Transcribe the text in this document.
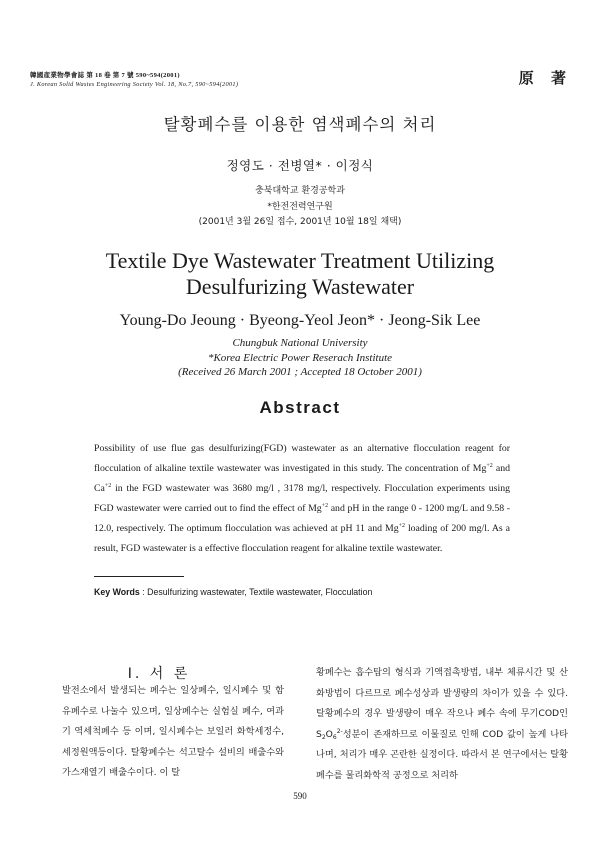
韓國産業物學會誌 第 18 卷 第 7 號 590~594(2001)
J. Korean Solid Wastes Engineering Society Vol. 18, No.7, 590~594(2001)	原 著
탈황폐수를 이용한 염색폐수의 처리
정영도 · 전병열* · 이정식
충북대학교 환경공학과
*한전전력연구원
(2001년 3월 26일 접수, 2001년 10월 18일 채택)
Textile Dye Wastewater Treatment Utilizing
Desulfurizing Wastewater
Young-Do Jeoung · Byeong-Yeol Jeon* · Jeong-Sik Lee
Chungbuk National University
*Korea Electric Power Reserach Institute
(Received 26 March 2001 ; Accepted 18 October 2001)
Abstract
Possibility of use flue gas desulfurizing(FGD) wastewater as an alternative flocculation reagent for flocculation of alkaline textile wastewater was investigated in this study. The concentration of $Mg^{+2}$ and $Ca^{+2}$ in the FGD wastewater was 3680 mg/l , 3178 mg/l, respectively. Flocculation experiments using FGD wastewater were carried out to find the effect of $Mg^{+2}$ and pH in the range 0 - 1200 mg/L and 9.58 - 12.0, respectively. The optimum flocculation was achieved at pH 11 and $Mg^{+2}$ loading of 200 mg/l. As a result, FGD wastewater is a effective flocculation reagent for alkaline textile wastewater.
Key Words : Desulfurizing wastewater, Textile wastewater, Flocculation
Ⅰ. 서 론

발전소에서 발생되는 폐수는 일상폐수, 일시폐수 및 함유폐수로 나눌수 있으며, 일상폐수는 실험실 폐수, 여과기 역세척폐수 등 이며, 일시폐수는 보일러 화학세정수, 세정원액등이다. 탈황폐수는 석고탈수 설비의 배출수와 가스재열기 배출수이다. 이 탈

황폐수는 흡수탑의 형식과 기액접촉방법, 내부 체류시간 및 산화방법이 다르므로 폐수성상과 발생량의 차이가 있을 수 있다. 탈황폐수의 경우 발생량이 매우 작으나 폐수 속에 무기COD인 $S_2O_6^{2-}$성분이 존재하므로 이물질로 인해 COD 값이 높게 나타나며, 처리가 매우 곤란한 실정이다. 따라서 본 연구에서는 탈황폐수를 물리화학적 공정으로 처리하

590
